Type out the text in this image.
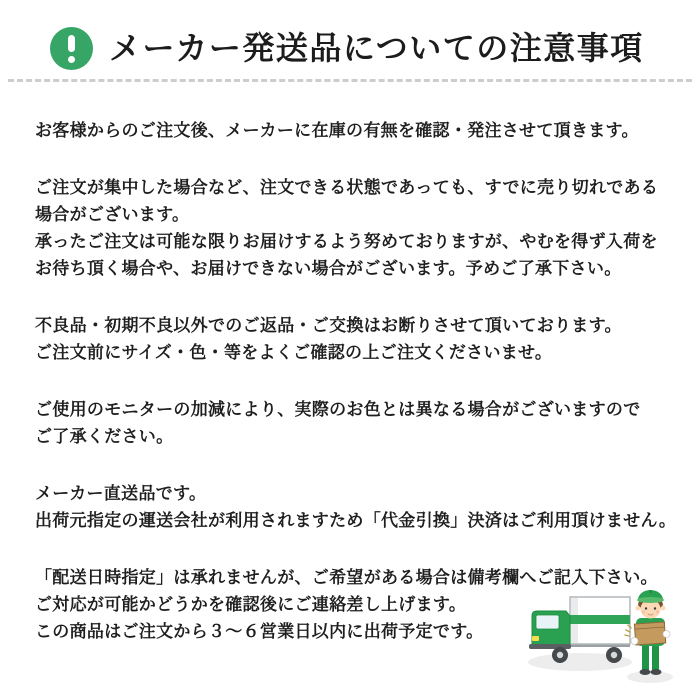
メーカー発送品についての注意事項
お客様からのご注文後、メーカーに在庫の有無を確認・発注させて頂きます。
ご注文が集中した場合など、注文できる状態であっても、すでに売り切れである
場合がございます。
承ったご注文は可能な限りお届けするよう努めておりますが、やむを得ず入荷を
お待ち頂く場合や、お届けできない場合がございます。予めご了承下さい。
不良品・初期不良以外でのご返品・ご交換はお断りさせて頂いております。
ご注文前にサイズ・色・等をよくご確認の上ご注文くださいませ。
ご使用のモニターの加減により、実際のお色とは異なる場合がございますので
ご了承ください。
メーカー直送品です。
出荷元指定の運送会社が利用されますため「代金引換」決済はご利用頂けません。
「配送日時指定」は承れませんが、ご希望がある場合は備考欄へご記入下さい。
ご対応が可能かどうかを確認後にご連絡差し上げます。
この商品はご注文から３～６営業日以内に出荷予定です。
